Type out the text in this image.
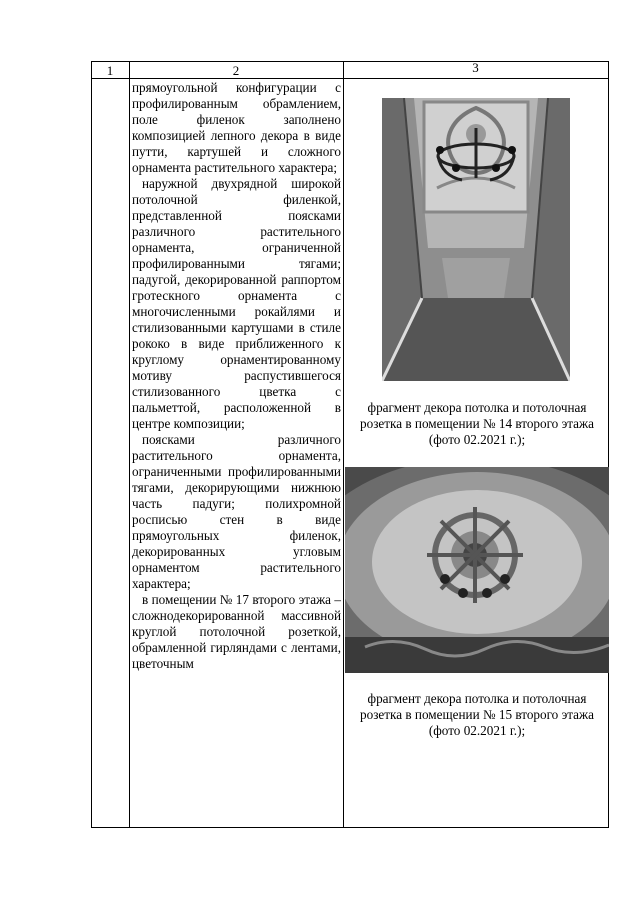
1	2	3

прямоугольной конфигурации с профилированным обрамлением, поле филенок заполнено композицией лепного декора в виде путти, картушей и сложного орнамента растительного характера;

наружной двухрядной широкой потолочной филенкой, представленной поясками различного растительного орнамента, ограниченной профилированными тягами; падугой, декорированной раппортом гротескного орнамента с многочисленными рокайлями и стилизованными картушами в стиле рококо в виде приближенного к круглому орнаментированному мотиву распустившегося стилизованного цветка с пальметтой, расположенной в центре композиции;

поясками различного растительного орнамента, ограниченными профилированными тягами, декорирующими нижнюю часть падуги; полихромной росписью стен в виде прямоугольных филенок, декорированных угловым орнаментом растительного характера;

в помещении № 17 второго этажа – сложнодекорированной массивной круглой потолочной розеткой, обрамленной гирляндами с лентами, цветочным

фрагмент декора потолка и потолочная розетка в помещении № 14 второго этажа (фото 02.2021 г.);
фрагмент декора потолка и потолочная розетка в помещении № 15 второго этажа (фото 02.2021 г.);
